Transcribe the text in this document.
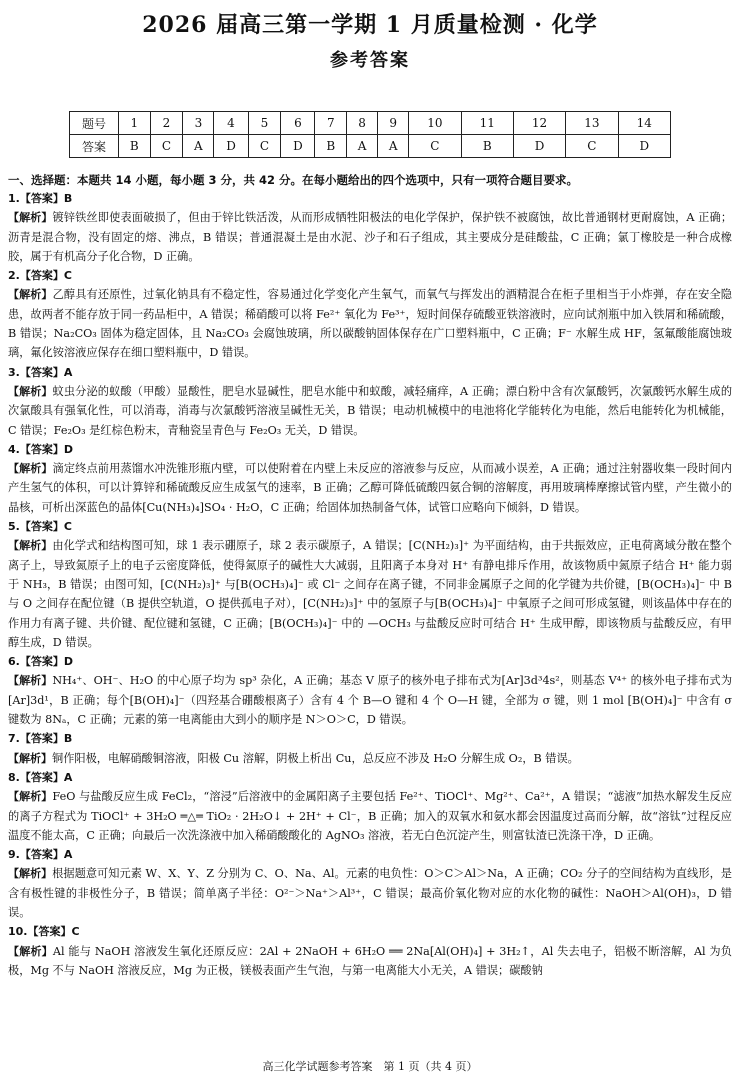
2026 届高三第一学期 1 月质量检测 · 化学
参考答案
题号	1	2	3	4	5	6	7	8	9	10	11	12	13	14
答案	B	C	A	D	C	D	B	A	A	C	B	D	C	D
一、选择题：本题共 14 小题，每小题 3 分，共 42 分。在每小题给出的四个选项中，只有一项符合题目要求。
1.【答案】B

【解析】镀锌铁丝即使表面破损了，但由于锌比铁活泼，从而形成牺牲阳极法的电化学保护，保护铁不被腐蚀，故比普通钢材更耐腐蚀，A 正确；沥青是混合物，没有固定的熔、沸点，B 错误；普通混凝土是由水泥、沙子和石子组成，其主要成分是硅酸盐，C 正确；氯丁橡胶是一种合成橡胶，属于有机高分子化合物，D 正确。

2.【答案】C

【解析】乙醇具有还原性，过氧化钠具有不稳定性，容易通过化学变化产生氧气，而氧气与挥发出的酒精混合在柜子里相当于小炸弹，存在安全隐患，故两者不能存放于同一药品柜中，A 错误；稀硝酸可以将 Fe²⁺ 氧化为 Fe³⁺，短时间保存硫酸亚铁溶液时，应向试剂瓶中加入铁屑和稀硫酸，B 错误；Na₂CO₃ 固体为稳定固体，且 Na₂CO₃ 会腐蚀玻璃，所以碳酸钠固体保存在广口塑料瓶中，C 正确；F⁻ 水解生成 HF，氢氟酸能腐蚀玻璃，氟化铵溶液应保存在细口塑料瓶中，D 错误。

3.【答案】A

【解析】蚊虫分泌的蚁酸（甲酸）显酸性，肥皂水显碱性，肥皂水能中和蚁酸，减轻痛痒，A 正确；漂白粉中含有次氯酸钙，次氯酸钙水解生成的次氯酸具有强氧化性，可以消毒，消毒与次氯酸钙溶液呈碱性无关，B 错误；电动机械模中的电池将化学能转化为电能，然后电能转化为机械能，C 错误；Fe₂O₃ 是红棕色粉末，青釉瓷呈青色与 Fe₂O₃ 无关，D 错误。

4.【答案】D

【解析】滴定终点前用蒸馏水冲洗锥形瓶内壁，可以使附着在内壁上未反应的溶液参与反应，从而减小误差，A 正确；通过注射器收集一段时间内产生氢气的体积，可以计算锌和稀硫酸反应生成氢气的速率，B 正确；乙醇可降低硫酸四氨合铜的溶解度，再用玻璃棒摩擦试管内壁，产生微小的晶核，可析出深蓝色的晶体[Cu(NH₃)₄]SO₄ · H₂O，C 正确；给固体加热制备气体，试管口应略向下倾斜，D 错误。

5.【答案】C

【解析】由化学式和结构图可知，球 1 表示硼原子，球 2 表示碳原子，A 错误；[C(NH₂)₃]⁺ 为平面结构，由于共振效应，正电荷离域分散在整个离子上，导致氮原子上的电子云密度降低，使得氮原子的碱性大大减弱，且阳离子本身对 H⁺ 有静电排斥作用，故该物质中氮原子结合 H⁺ 能力弱于 NH₃，B 错误；由图可知，[C(NH₂)₃]⁺ 与[B(OCH₃)₄]⁻ 或 Cl⁻ 之间存在离子键，不同非金属原子之间的化学键为共价键，[B(OCH₃)₄]⁻ 中 B 与 O 之间存在配位键（B 提供空轨道，O 提供孤电子对），[C(NH₂)₃]⁺ 中的氢原子与[B(OCH₃)₄]⁻ 中氧原子之间可形成氢键，则该晶体中存在的作用力有离子键、共价键、配位键和氢键，C 正确；[B(OCH₃)₄]⁻ 中的 —OCH₃ 与盐酸反应时可结合 H⁺ 生成甲醇，即该物质与盐酸反应，有甲醇生成，D 错误。

6.【答案】D

【解析】NH₄⁺、OH⁻、H₂O 的中心原子均为 sp³ 杂化，A 正确；基态 V 原子的核外电子排布式为[Ar]3d³4s²，则基态 V⁴⁺ 的核外电子排布式为[Ar]3d¹，B 正确；每个[B(OH)₄]⁻（四羟基合硼酸根离子）含有 4 个 B—O 键和 4 个 O—H 键，全部为 σ 键，则 1 mol [B(OH)₄]⁻ 中含有 σ 键数为 8Nₐ，C 正确；元素的第一电离能由大到小的顺序是 N＞O＞C，D 错误。

7.【答案】B

【解析】铜作阳极，电解硝酸铜溶液，阳极 Cu 溶解，阴极上析出 Cu，总反应不涉及 H₂O 分解生成 O₂，B 错误。

8.【答案】A

【解析】FeO 与盐酸反应生成 FeCl₂，“溶浸”后溶液中的金属阳离子主要包括 Fe²⁺、TiOCl⁺、Mg²⁺、Ca²⁺，A 错误；“滤液”加热水解发生反应的离子方程式为 TiOCl⁺ + 3H₂O ═△═ TiO₂ · 2H₂O↓ + 2H⁺ + Cl⁻，B 正确；加入的双氧水和氨水都会因温度过高而分解，故“溶钛”过程反应温度不能太高，C 正确；向最后一次洗涤液中加入稀硝酸酸化的 AgNO₃ 溶液，若无白色沉淀产生，则富钛渣已洗涤干净，D 正确。

9.【答案】A

【解析】根据题意可知元素 W、X、Y、Z 分别为 C、O、Na、Al。元素的电负性：O＞C＞Al＞Na，A 正确；CO₂ 分子的空间结构为直线形，是含有极性键的非极性分子，B 错误；简单离子半径：O²⁻＞Na⁺＞Al³⁺，C 错误；最高价氧化物对应的水化物的碱性：NaOH＞Al(OH)₃，D 错误。

10.【答案】C

【解析】Al 能与 NaOH 溶液发生氧化还原反应：2Al + 2NaOH + 6H₂O ══ 2Na[Al(OH)₄] + 3H₂↑，Al 失去电子，铝极不断溶解，Al 为负极，Mg 不与 NaOH 溶液反应，Mg 为正极，镁极表面产生气泡，与第一电离能大小无关，A 错误；碳酸钠

高三化学试题参考答案　第 1 页（共 4 页）
